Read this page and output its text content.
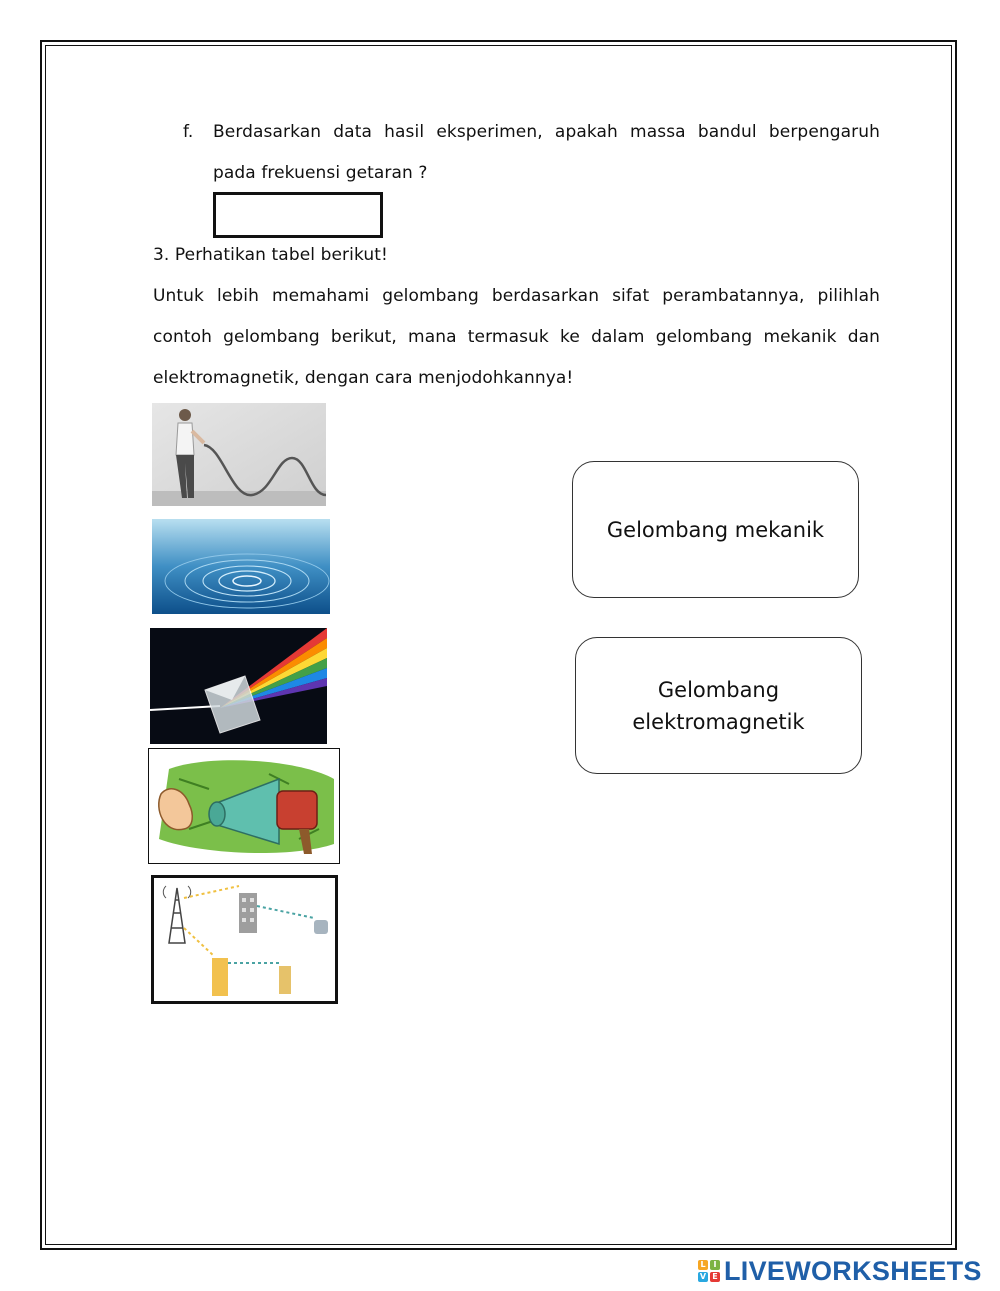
f. Berdasarkan data hasil eksperimen, apakah massa bandul berpengaruh
pada frekuensi getaran ?
3. Perhatikan tabel berikut!
Untuk lebih memahami gelombang berdasarkan sifat perambatannya, pilihlah
contoh gelombang berikut, mana termasuk ke dalam gelombang mekanik dan
elektromagnetik, dengan cara menjodohkannya!
Gelombang mekanik
Gelombang
elektromagnetik
L I
V E LIVEWORKSHEETS
